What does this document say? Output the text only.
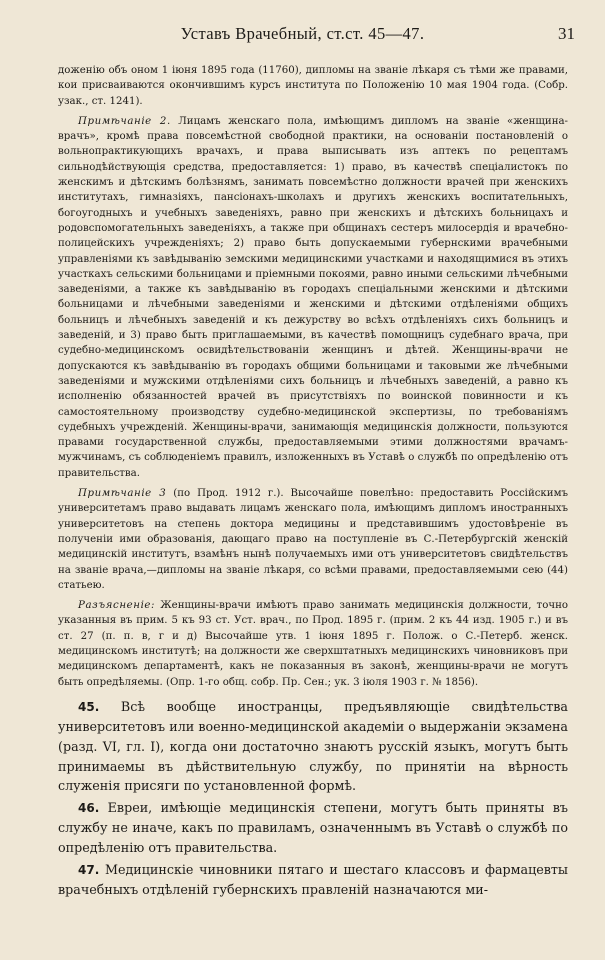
Уставъ Врачебный, ст.ст. 45—47.	31

доженію объ оном 1 іюня 1895 года (11760), дипломы на званіе лѣкаря съ тѣми же правами, кои присваиваются окончившимъ курсъ института по Положенію 10 мая 1904 года. (Собр. узак., ст. 1241).

Примѣчаніе 2. Лицамъ женскаго пола, имѣющимъ дипломъ на званіе «женщина-врачъ», кромѣ права повсемѣстной свободной практики, на основаніи постановленій о вольнопрактикующихъ врачахъ, и права выписывать изъ аптекъ по рецептамъ сильнодѣйствующія средства, предоставляется: 1) право, въ качествѣ спеціалистокъ по женскимъ и дѣтскимъ болѣзнямъ, занимать повсемѣстно должности врачей при женскихъ институтахъ, гимназіяхъ, пансіонахъ-школахъ и другихъ женскихъ воспитательныхъ, богоугодныхъ и учебныхъ заведеніяхъ, равно при женскихъ и дѣтскихъ больницахъ и родовспомогательныхъ заведеніяхъ, а также при общинахъ сестеръ милосердія и врачебно-полицейскихъ учрежденіяхъ; 2) право быть допускаемыми губернскими врачебными управленіями къ завѣдыванію земскими медицинскими участками и находящимися въ этихъ участкахъ сельскими больницами и пріемными покоями, равно иными сельскими лѣчебными заведеніями, а также къ завѣдыванію въ городахъ спеціальными женскими и дѣтскими больницами и лѣчебными заведеніями и женскими и дѣтскими отдѣленіями общихъ больницъ и лѣчебныхъ заведеній и къ дежурству во всѣхъ отдѣленіяхъ сихъ больницъ и заведеній, и 3) право быть приглашаемыми, въ качествѣ помощницъ судебнаго врача, при судебно-медицинскомъ освидѣтельствованіи женщинъ и дѣтей. Женщины-врачи не допускаются къ завѣдыванію въ городахъ общими больницами и таковыми же лѣчебными заведеніями и мужскими отдѣленіями сихъ больницъ и лѣчебныхъ заведеній, а равно къ исполненію обязанностей врачей въ присутствіяхъ по воинской повинности и къ самостоятельному производству судебно-медицинской экспертизы, по требованіямъ судебныхъ учрежденій. Женщины-врачи, занимающія медицинскія должности, пользуются правами государственной службы, предоставляемыми этими должностями врачамъ-мужчинамъ, съ соблюденіемъ правилъ, изложенныхъ въ Уставѣ о службѣ по опредѣленію отъ правительства.

Примѣчаніе 3 (по Прод. 1912 г.). Высочайше повелѣно: предоставить Россійскимъ университетамъ право выдавать лицамъ женскаго пола, имѣющимъ дипломъ иностранныхъ университетовъ на степень доктора медицины и представившимъ удостовѣреніе въ полученіи ими образованія, дающаго право на поступленіе въ С.-Петербургскій женскій медицинскій институтъ, взамѣнъ нынѣ получаемыхъ ими отъ университетовъ свидѣтельствъ на званіе врача,—дипломы на званіе лѣкаря, со всѣми правами, предоставляемыми сею (44) статьею.

Разъясненіе: Женщины-врачи имѣютъ право занимать медицинскія должности, точно указанныя въ прим. 5 къ 93 ст. Уст. врач., по Прод. 1895 г. (прим. 2 къ 44 изд. 1905 г.) и въ ст. 27 (п. п. в, г и д) Высочайше утв. 1 іюня 1895 г. Полож. о С.-Петерб. женск. медицинскомъ институтѣ; на должности же сверхштатныхъ медицинскихъ чиновниковъ при медицинскомъ департаментѣ, какъ не показанныя въ законѣ, женщины-врачи не могутъ быть опредѣляемы. (Опр. 1-го общ. собр. Пр. Сен.; ук. 3 іюля 1903 г. № 1856).

45. Всѣ вообще иностранцы, предъявляющіе свидѣтельства университетовъ или военно-медицинской академіи о выдержаніи экзамена (разд. VI, гл. I), когда они достаточно знаютъ русскій языкъ, могутъ быть принимаемы въ дѣйствительную службу, по принятіи на вѣрность служенія присяги по установленной формѣ.

46. Евреи, имѣющіе медицинскія степени, могутъ быть приняты въ службу не иначе, какъ по правиламъ, означеннымъ въ Уставѣ о службѣ по опредѣленію отъ правительства.

47. Медицинскіе чиновники пятаго и шестаго классовъ и фармацевты врачебныхъ отдѣленій губернскихъ правленій назначаются ми-
